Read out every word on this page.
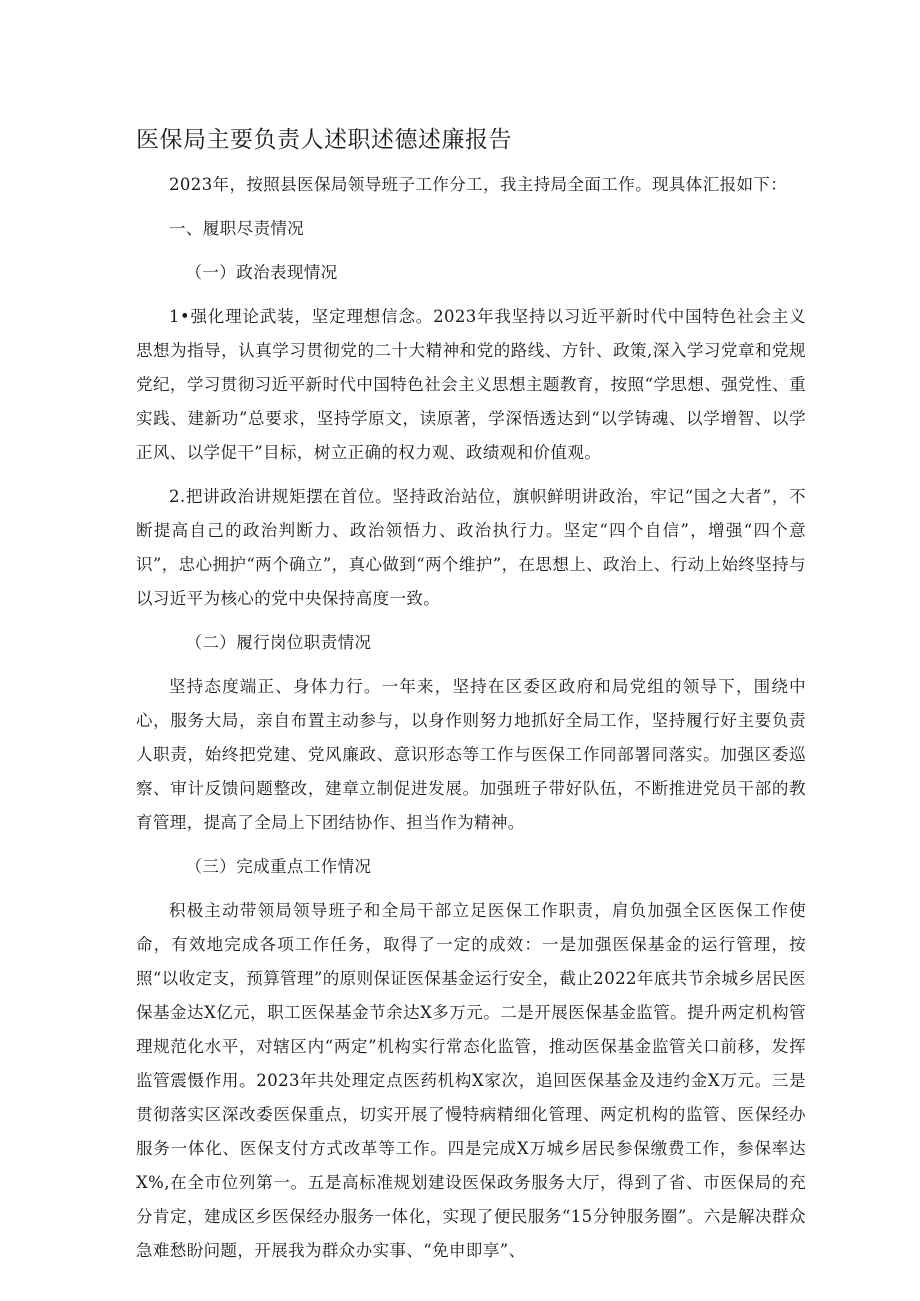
医保局主要负责人述职述德述廉报告

2023年，按照县医保局领导班子工作分工，我主持局全面工作。现具体汇报如下：

一、履职尽责情况

（一）政治表现情况

1•强化理论武装，坚定理想信念。2023年我坚持以习近平新时代中国特色社会主义思想为指导，认真学习贯彻党的二十大精神和党的路线、方针、政策,深入学习党章和党规党纪，学习贯彻习近平新时代中国特色社会主义思想主题教育，按照“学思想、强党性、重实践、建新功”总要求，坚持学原文，读原著，学深悟透达到“以学铸魂、以学增智、以学正风、以学促干”目标，树立正确的权力观、政绩观和价值观。

2.把讲政治讲规矩摆在首位。坚持政治站位，旗帜鲜明讲政治，牢记“国之大者”，不断提高自己的政治判断力、政治领悟力、政治执行力。坚定“四个自信”，增强“四个意识”，忠心拥护“两个确立”，真心做到“两个维护”，在思想上、政治上、行动上始终坚持与以习近平为核心的党中央保持高度一致。

（二）履行岗位职责情况

坚持态度端正、身体力行。一年来，坚持在区委区政府和局党组的领导下，围绕中心，服务大局，亲自布置主动参与，以身作则努力地抓好全局工作，坚持履行好主要负责人职责，始终把党建、党风廉政、意识形态等工作与医保工作同部署同落实。加强区委巡察、审计反馈问题整改，建章立制促进发展。加强班子带好队伍，不断推进党员干部的教育管理，提高了全局上下团结协作、担当作为精神。

（三）完成重点工作情况

积极主动带领局领导班子和全局干部立足医保工作职责，肩负加强全区医保工作使命，有效地完成各项工作任务，取得了一定的成效：一是加强医保基金的运行管理，按照“以收定支，预算管理”的原则保证医保基金运行安全，截止2022年底共节余城乡居民医保基金达X亿元，职工医保基金节余达X多万元。二是开展医保基金监管。提升两定机构管理规范化水平，对辖区内“两定”机构实行常态化监管，推动医保基金监管关口前移，发挥监管震慑作用。2023年共处理定点医药机构X家次，追回医保基金及违约金X万元。三是贯彻落实区深改委医保重点，切实开展了慢特病精细化管理、两定机构的监管、医保经办服务一体化、医保支付方式改革等工作。四是完成X万城乡居民参保缴费工作，参保率达X%,在全市位列第一。五是高标准规划建设医保政务服务大厅，得到了省、市医保局的充分肯定，建成区乡医保经办服务一体化，实现了便民服务“15分钟服务圈”。六是解决群众急难愁盼问题，开展我为群众办实事、“免申即享”、
